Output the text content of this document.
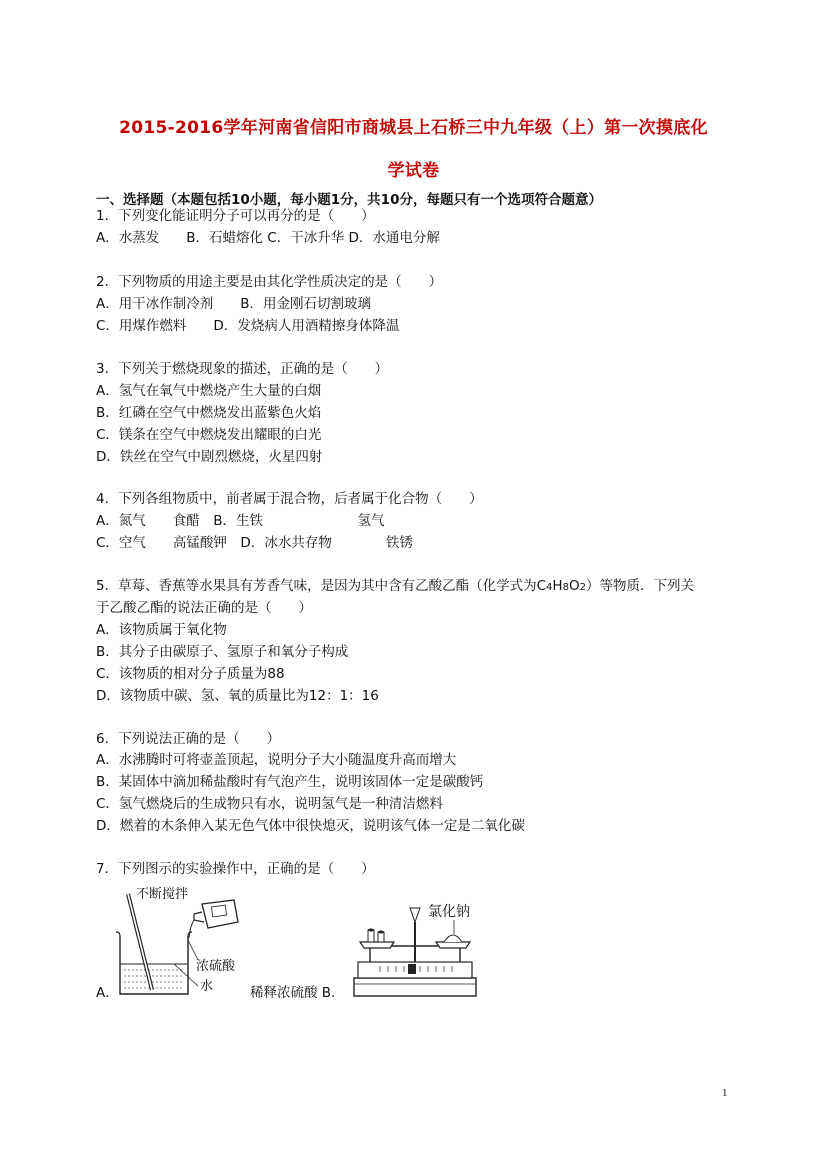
2015-2016学年河南省信阳市商城县上石桥三中九年级（上）第一次摸底化
学试卷
一、选择题（本题包括10小题，每小题1分，共10分，每题只有一个选项符合题意）
1．下列变化能证明分子可以再分的是（　　）
A．水蒸发　　B．石蜡熔化 C．干冰升华 D．水通电分解
2．下列物质的用途主要是由其化学性质决定的是（　　）
A．用干冰作制冷剂　　B．用金刚石切割玻璃
C．用煤作燃料　　D．发烧病人用酒精擦身体降温
3．下列关于燃烧现象的描述，正确的是（　　）
A．氢气在氧气中燃烧产生大量的白烟
B．红磷在空气中燃烧发出蓝紫色火焰
C．镁条在空气中燃烧发出耀眼的白光
D．铁丝在空气中剧烈燃烧，火星四射
4．下列各组物质中，前者属于混合物，后者属于化合物（　　）
A．氮气　　食醋　B．生铁　　　　　　　氢气
C．空气　　高锰酸钾　D．冰水共存物　　　　铁锈
5．草莓、香蕉等水果具有芳香气味，是因为其中含有乙酸乙酯（化学式为C4H8O2）等物质．下列关
于乙酸乙酯的说法正确的是（　　）
A．该物质属于氧化物
B．其分子由碳原子、氢原子和氧分子构成
C．该物质的相对分子质量为88
D．该物质中碳、氢、氧的质量比为12：1：16
6．下列说法正确的是（　　）
A．水沸腾时可将壶盖顶起，说明分子大小随温度升高而增大
B．某固体中滴加稀盐酸时有气泡产生，说明该固体一定是碳酸钙
C．氢气燃烧后的生成物只有水，说明氢气是一种清洁燃料
D．燃着的木条伸入某无色气体中很快熄灭，说明该气体一定是二氧化碳
7．下列图示的实验操作中，正确的是（　　）
A．	稀释浓硫酸 B．
不断搅拌
浓硫酸
水
氯化钠
1
